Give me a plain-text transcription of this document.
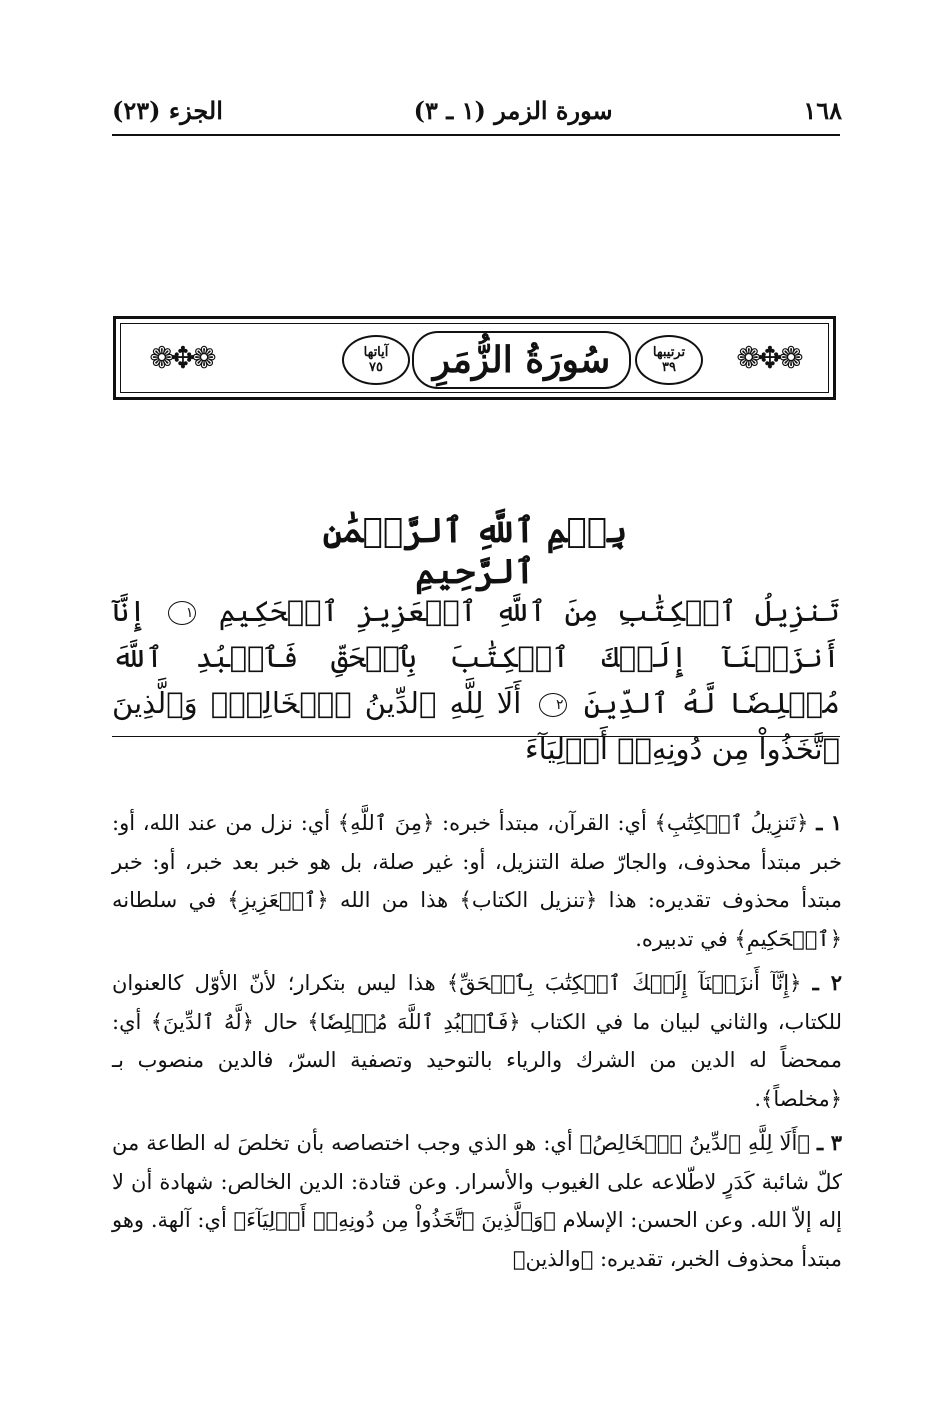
١٦٨
سورة الزمر (١ ـ ٣)
الجزء (٢٣)
❁✥❁	آياتها
٧٥	سُورَةُ الزُّمَرِ	ترتيبها
٣٩	❁✥❁
بِسۡمِ ٱللَّهِ ٱلرَّحۡمَٰنِ ٱلرَّحِيمِ
تَنزِيلُ ٱلۡكِتَٰبِ مِنَ ٱللَّهِ ٱلۡعَزِيزِ ٱلۡحَكِيمِ ١ إِنَّآ أَنزَلۡنَآ إِلَيۡكَ ٱلۡكِتَٰبَ بِٱلۡحَقِّ فَٱعۡبُدِ ٱللَّهَ مُخۡلِصٗا لَّهُ ٱلدِّينَ ٢ أَلَا لِلَّهِ ٱلدِّينُ ٱلۡخَالِصُۚ وَٱلَّذِينَ ٱتَّخَذُواْ مِن دُونِهِۦٓ أَوۡلِيَآءَ

١ ـ ﴿تَنزِيلُ ٱلۡكِتَٰبِ﴾ أي: القرآن، مبتدأ خبره: ﴿مِنَ ٱللَّهِ﴾ أي: نزل من عند الله، أو: خبر مبتدأ محذوف، والجارّ صلة التنزيل، أو: غير صلة، بل هو خبر بعد خبر، أو: خبر مبتدأ محذوف تقديره: هذا ﴿تنزيل الكتاب﴾ هذا من الله ﴿ٱلۡعَزِيزِ﴾ في سلطانه ﴿ٱلۡحَكِيمِ﴾ في تدبيره.

٢ ـ ﴿إِنَّآ أَنزَلۡنَآ إِلَيۡكَ ٱلۡكِتَٰبَ بِٱلۡحَقِّ﴾ هذا ليس بتكرار؛ لأنّ الأوّل كالعنوان للكتاب، والثاني لبيان ما في الكتاب ﴿فَٱعۡبُدِ ٱللَّهَ مُخۡلِصٗا﴾ حال ﴿لَّهُ ٱلدِّينَ﴾ أي: ممحضاً له الدين من الشرك والرياء بالتوحيد وتصفية السرّ، فالدين منصوب بـ ﴿مخلصاً﴾.

٣ ـ ﴿أَلَا لِلَّهِ ٱلدِّينُ ٱلۡخَالِصُ﴾ أي: هو الذي وجب اختصاصه بأن تخلصَ له الطاعة من كلّ شائبة كَدَرٍ لاطّلاعه على الغيوب والأسرار. وعن قتادة: الدين الخالص: شهادة أن لا إله إلاّ الله. وعن الحسن: الإسلام ﴿وَٱلَّذِينَ ٱتَّخَذُواْ مِن دُونِهِۦٓ أَوۡلِيَآءَ﴾ أي: آلهة. وهو مبتدأ محذوف الخبر، تقديره: ﴿والذين﴾
